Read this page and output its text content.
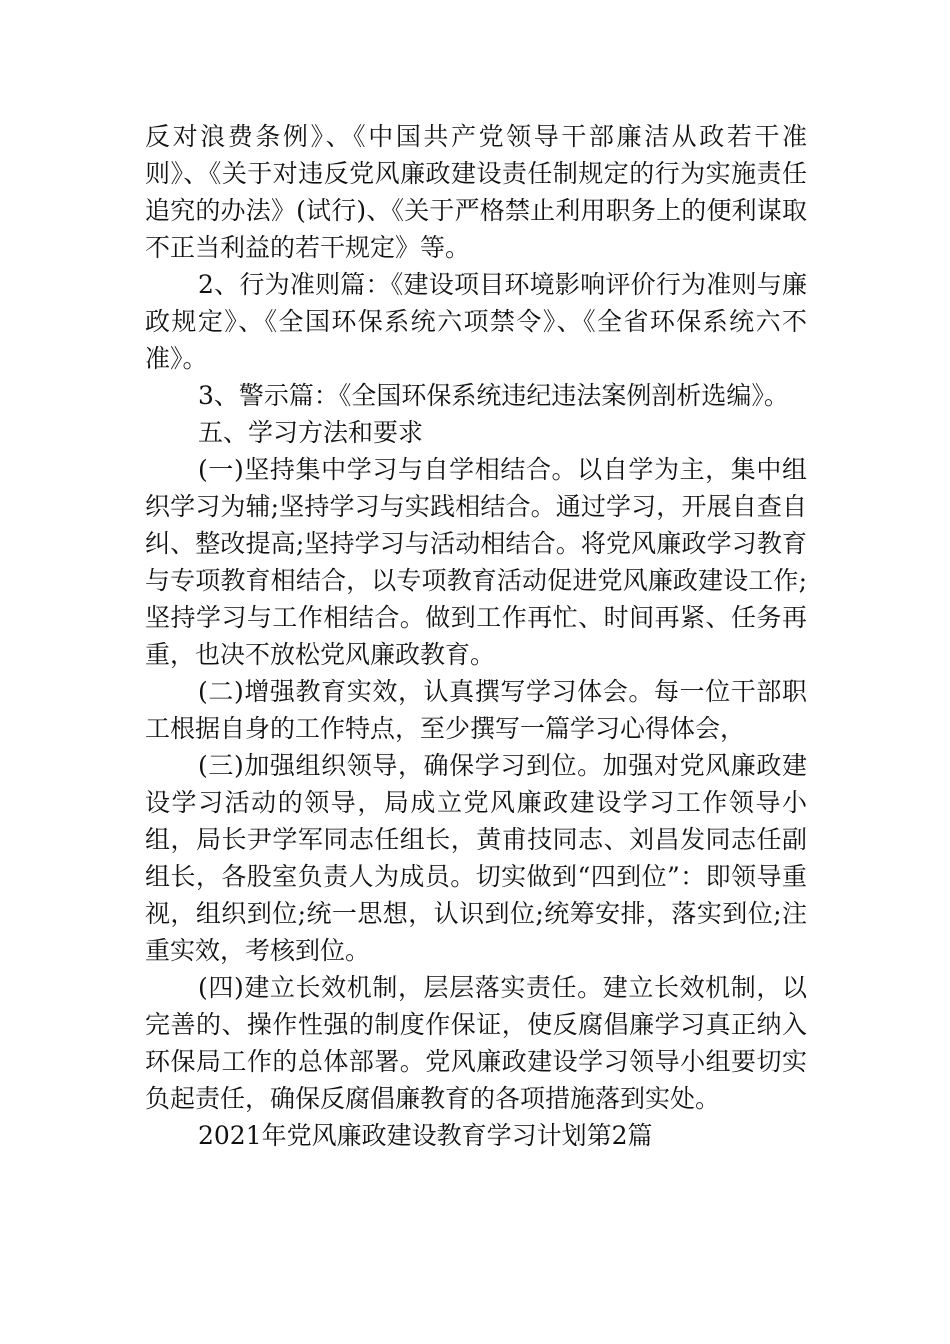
反对浪费条例》、《中国共产党领导干部廉洁从政若干准则》、《关于对违反党风廉政建设责任制规定的行为实施责任追究的办法》(试行)、《关于严格禁止利用职务上的便利谋取不正当利益的若干规定》等。

2、行为准则篇：《建设项目环境影响评价行为准则与廉政规定》、《全国环保系统六项禁令》、《全省环保系统六不准》。

3、警示篇：《全国环保系统违纪违法案例剖析选编》。

五、学习方法和要求

(一)坚持集中学习与自学相结合。以自学为主，集中组织学习为辅;坚持学习与实践相结合。通过学习，开展自查自纠、整改提高;坚持学习与活动相结合。将党风廉政学习教育与专项教育相结合，以专项教育活动促进党风廉政建设工作;坚持学习与工作相结合。做到工作再忙、时间再紧、任务再重，也决不放松党风廉政教育。

(二)增强教育实效，认真撰写学习体会。每一位干部职工根据自身的工作特点，至少撰写一篇学习心得体会，

(三)加强组织领导，确保学习到位。加强对党风廉政建设学习活动的领导，局成立党风廉政建设学习工作领导小组，局长尹学军同志任组长，黄甫技同志、刘昌发同志任副组长，各股室负责人为成员。切实做到“四到位”：即领导重视，组织到位;统一思想，认识到位;统筹安排，落实到位;注重实效，考核到位。

(四)建立长效机制，层层落实责任。建立长效机制，以完善的、操作性强的制度作保证，使反腐倡廉学习真正纳入环保局工作的总体部署。党风廉政建设学习领导小组要切实负起责任，确保反腐倡廉教育的各项措施落到实处。

2021年党风廉政建设教育学习计划第2篇
